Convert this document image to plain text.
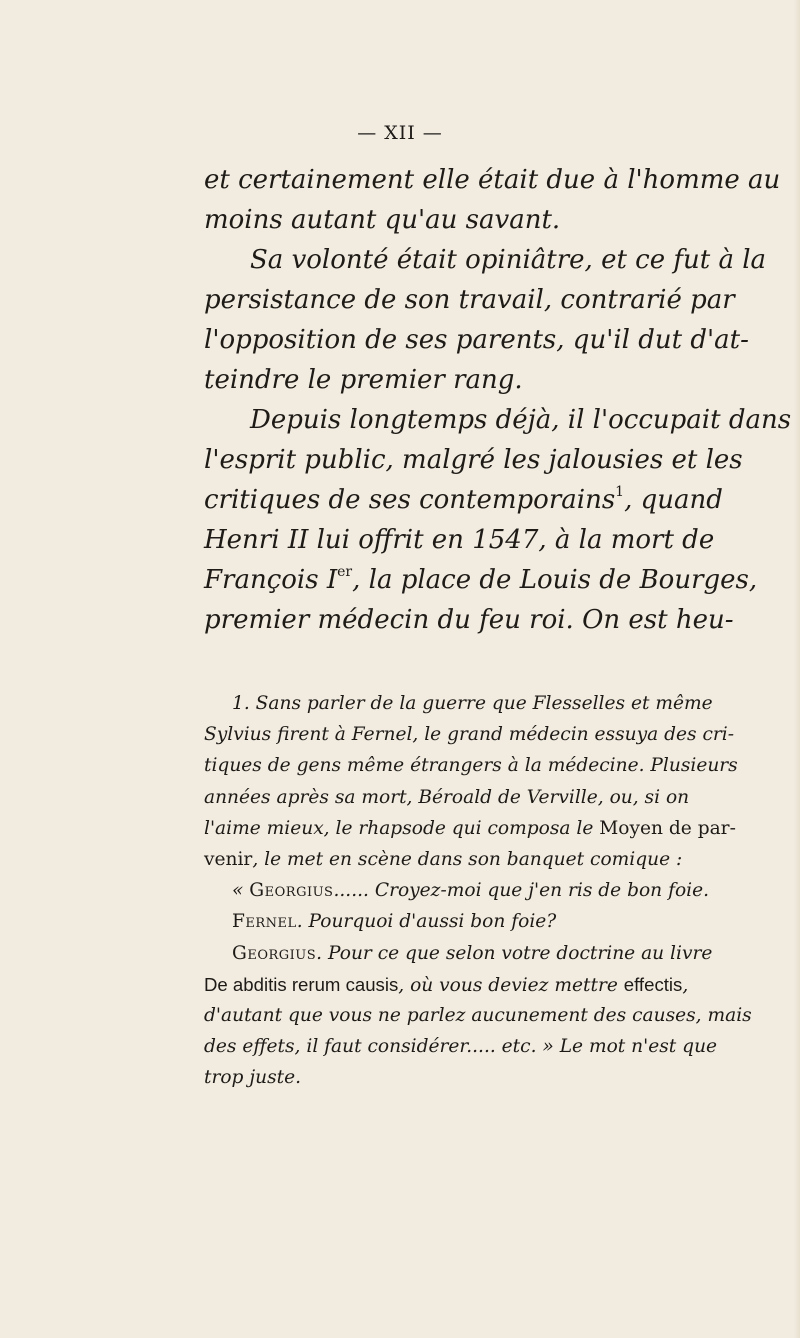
— XII —
et certainement elle était due à l'homme au
moins autant qu'au savant.
Sa volonté était opiniâtre, et ce fut à la
persistance de son travail, contrarié par
l'opposition de ses parents, qu'il dut d'at-
teindre le premier rang.
Depuis longtemps déjà, il l'occupait dans
l'esprit public, malgré les jalousies et les
critiques de ses contemporains$^1$, quand
Henri II lui offrit en 1547, à la mort de
François Ier, la place de Louis de Bourges,
premier médecin du feu roi. On est heu-
1. Sans parler de la guerre que Flesselles et même
Sylvius firent à Fernel, le grand médecin essuya des cri-
tiques de gens même étrangers à la médecine. Plusieurs
années après sa mort, Béroald de Verville, ou, si on
l'aime mieux, le rhapsode qui composa le Moyen de par-
venir, le met en scène dans son banquet comique :
« Georgius...... Croyez-moi que j'en ris de bon foie.
Fernel. Pourquoi d'aussi bon foie?
Georgius. Pour ce que selon votre doctrine au livre
De abditis rerum causis, où vous deviez mettre effectis,
d'autant que vous ne parlez aucunement des causes, mais
des effets, il faut considérer..... etc. » Le mot n'est que
trop juste.
